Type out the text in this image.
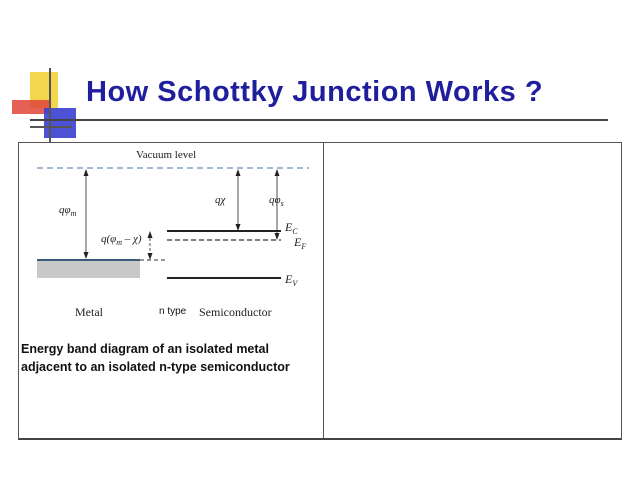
How Schottky Junction Works ?
Vacuum level
$q\varphi_m$
qχ	$q\varphi_s$
$q(\varphi_m - \chi)$
$E_C$
$E_F$
$E_V$
Metal	Semiconductor
n type
Energy band diagram of an isolated metal adjacent to an isolated n-type semiconductor
